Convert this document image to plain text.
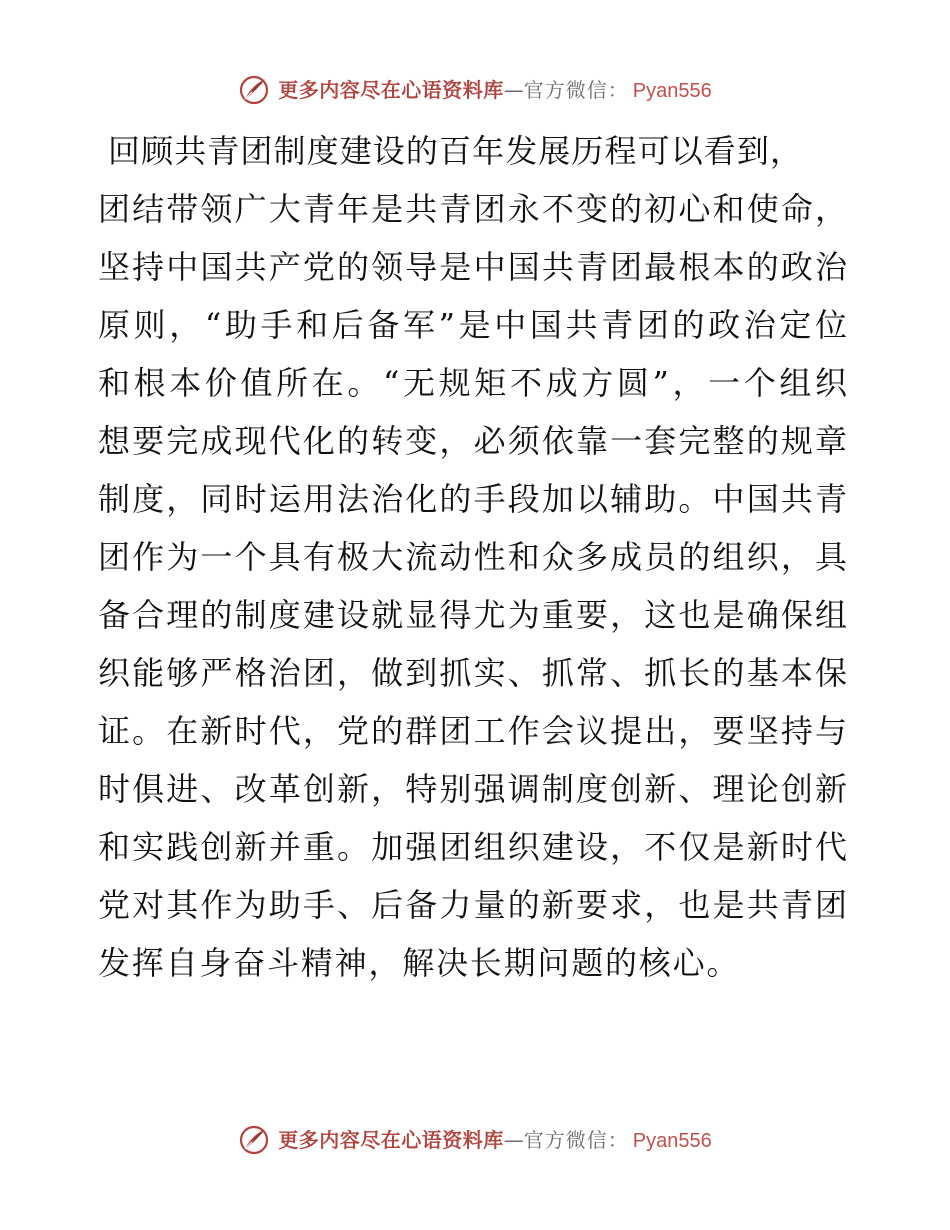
更多内容尽在心语资料库 — 官方微信： Pyan556
回顾共青团制度建设的百年发展历程可以看到，
团结带领广大青年是共青团永不变的初心和使命，
坚持中国共产党的领导是中国共青团最根本的政治
原则，“助手和后备军”是中国共青团的政治定位
和根本价值所在。“无规矩不成方圆”，一个组织
想要完成现代化的转变，必须依靠一套完整的规章
制度，同时运用法治化的手段加以辅助。中国共青
团作为一个具有极大流动性和众多成员的组织，具
备合理的制度建设就显得尤为重要，这也是确保组
织能够严格治团，做到抓实、抓常、抓长的基本保
证。在新时代，党的群团工作会议提出，要坚持与
时俱进、改革创新，特别强调制度创新、理论创新
和实践创新并重。加强团组织建设，不仅是新时代
党对其作为助手、后备力量的新要求，也是共青团
发挥自身奋斗精神，解决长期问题的核心。
更多内容尽在心语资料库 — 官方微信： Pyan556
